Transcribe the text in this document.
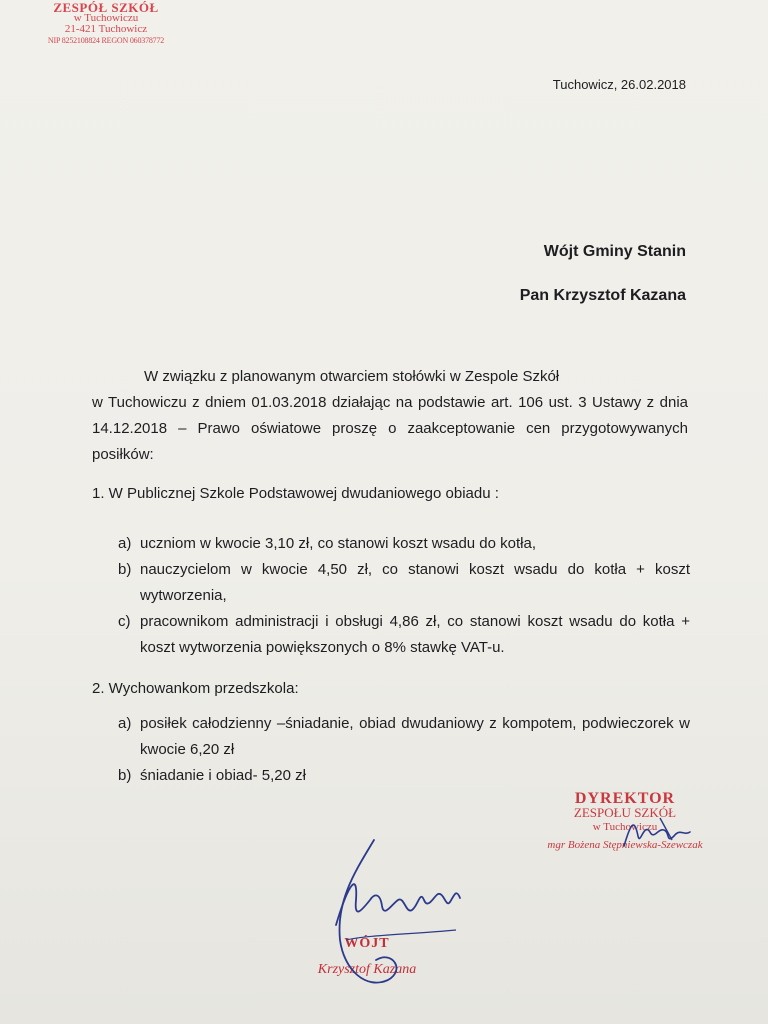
ZESPÓŁ SZKÓŁ
w Tuchowiczu
21-421 Tuchowicz
NIP 8252108824 REGON 060378772
Tuchowicz, 26.02.2018
Wójt Gminy Stanin
Pan Krzysztof Kazana
W związku z planowanym otwarciem stołówki w Zespole Szkół
w Tuchowiczu z dniem 01.03.2018 działając na podstawie art. 106 ust. 3 Ustawy z dnia 14.12.2018 – Prawo oświatowe proszę o zaakceptowanie cen przygotowywanych posiłków:
1. W Publicznej Szkole Podstawowej dwudaniowego obiadu :
a) uczniom w kwocie 3,10 zł, co stanowi koszt wsadu do kotła,
b) nauczycielom w kwocie 4,50 zł, co stanowi koszt wsadu do kotła + koszt wytworzenia,
c) pracownikom administracji i obsługi 4,86 zł, co stanowi koszt wsadu do kotła + koszt wytworzenia powiększonych o 8% stawkę VAT-u.
2. Wychowankom przedszkola:
a) posiłek całodzienny –śniadanie, obiad dwudaniowy z kompotem, podwieczorek w kwocie 6,20 zł
b) śniadanie i obiad- 5,20 zł
DYREKTOR
ZESPOŁU SZKÓŁ
w Tuchowiczu
mgr Bożena Stępniewska-Szewczak
WÓJT
Krzysztof Kazana
